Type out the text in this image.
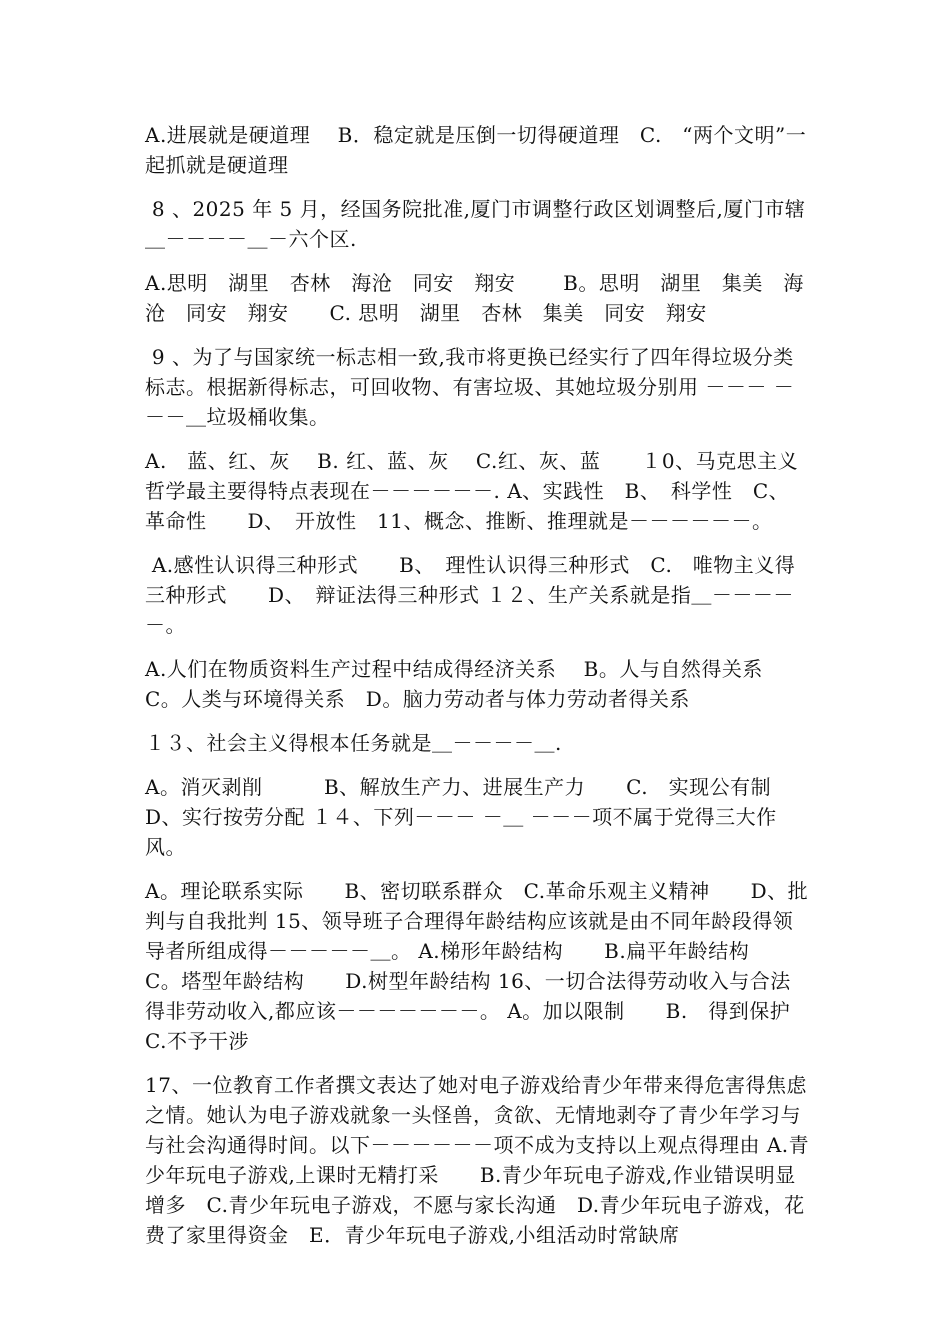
A.进展就是硬道理　 B．稳定就是压倒一切得硬道理　C.　“两个文明”一起抓就是硬道理

8 、2025 年 5 月，经国务院批准,厦门市调整行政区划调整后,厦门市辖＿－－－－＿－六个区.

A.思明　湖里　杏林　海沧　同安　翔安　　 B。思明　湖里　集美　海沧　同安　翔安　　C. 思明　湖里　杏林　集美　同安　翔安

9 、为了与国家统一标志相一致,我市将更换已经实行了四年得垃圾分类标志。根据新得标志，可回收物、有害垃圾、其她垃圾分别用 －－－ －－－＿垃圾桶收集。

A.　蓝、红、灰　 B. 红、蓝、灰　 C.红、灰、蓝　　１0、马克思主义哲学最主要得特点表现在－－－－－－. A、实践性　B、　科学性　C、　革命性　　D、　开放性　11、概念、推断、推理就是－－－－－－。

A.感性认识得三种形式　　B、　理性认识得三种形式　C.　唯物主义得三种形式　　D、　辩证法得三种形式 １２、生产关系就是指＿－－－－－。

A.人们在物质资料生产过程中结成得经济关系　 B。人与自然得关系　C。人类与环境得关系　D。脑力劳动者与体力劳动者得关系

１３、社会主义得根本任务就是＿－－－－＿.

A。消灭剥削　　　B、解放生产力、进展生产力　　C.　实现公有制　D、实行按劳分配 １４、下列－－－ －＿ －－－项不属于党得三大作风。

A。理论联系实际　　B、密切联系群众　C.革命乐观主义精神　　D、批判与自我批判 15、领导班子合理得年龄结构应该就是由不同年龄段得领导者所组成得－－－－－＿。 A.梯形年龄结构　　B.扁平年龄结构　 C。塔型年龄结构　　D.树型年龄结构 16、一切合法得劳动收入与合法得非劳动收入,都应该－－－－－－－。 A。加以限制　　B.　得到保护　　C.不予干涉

17、一位教育工作者撰文表达了她对电子游戏给青少年带来得危害得焦虑之情。她认为电子游戏就象一头怪兽，贪欲、无情地剥夺了青少年学习与与社会沟通得时间。以下－－－－－－项不成为支持以上观点得理由 A.青少年玩电子游戏,上课时无精打采　　B.青少年玩电子游戏,作业错误明显增多　C.青少年玩电子游戏，不愿与家长沟通　D.青少年玩电子游戏，花费了家里得资金　E．青少年玩电子游戏,小组活动时常缺席
